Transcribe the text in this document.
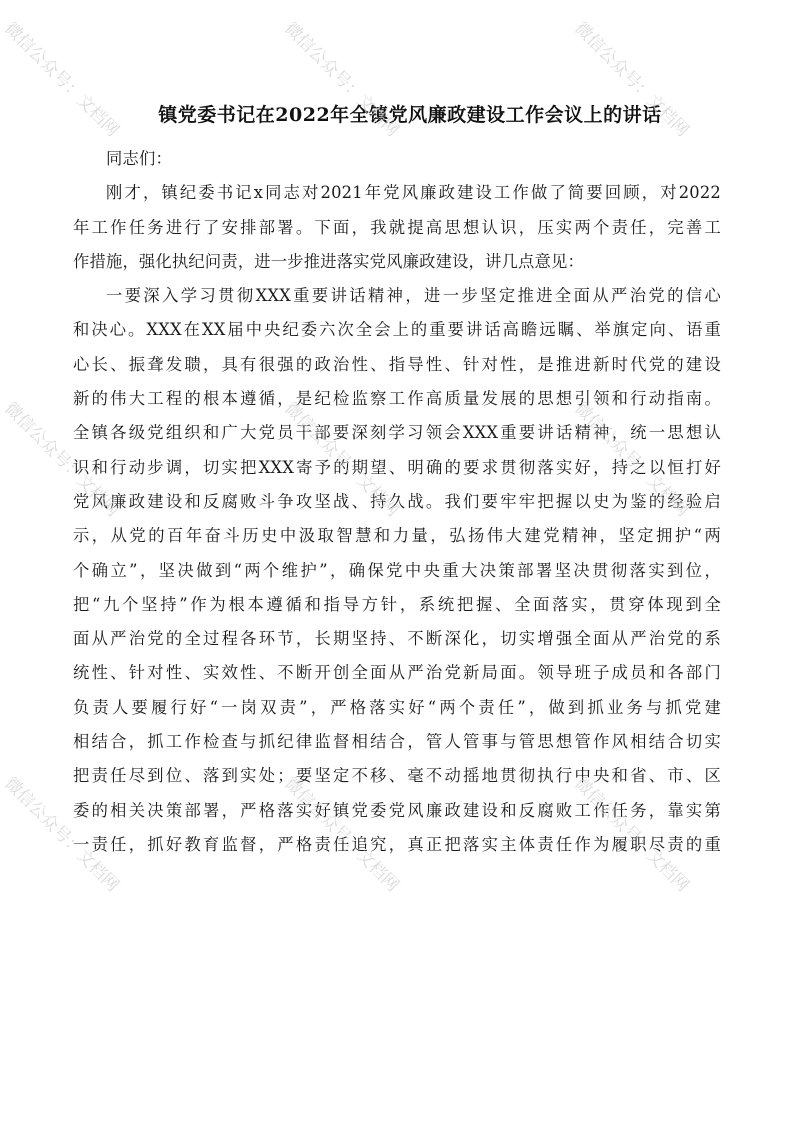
镇党委书记在2022年全镇党风廉政建设工作会议上的讲话
同志们：
刚才，镇纪委书记x同志对2021年党风廉政建设工作做了简要回顾，对2022
年工作任务进行了安排部署。下面，我就提高思想认识，压实两个责任，完善工
作措施，强化执纪问责，进一步推进落实党风廉政建设，讲几点意见：
一要深入学习贯彻XXX重要讲话精神，进一步坚定推进全面从严治党的信心
和决心。XXX在XX届中央纪委六次全会上的重要讲话高瞻远瞩、举旗定向、语重
心长、振聋发聩，具有很强的政治性、指导性、针对性，是推进新时代党的建设
新的伟大工程的根本遵循，是纪检监察工作高质量发展的思想引领和行动指南。
全镇各级党组织和广大党员干部要深刻学习领会XXX重要讲话精神，统一思想认
识和行动步调，切实把XXX寄予的期望、明确的要求贯彻落实好，持之以恒打好
党风廉政建设和反腐败斗争攻坚战、持久战。我们要牢牢把握以史为鉴的经验启
示，从党的百年奋斗历史中汲取智慧和力量，弘扬伟大建党精神，坚定拥护“两
个确立”，坚决做到“两个维护”，确保党中央重大决策部署坚决贯彻落实到位，
把“九个坚持”作为根本遵循和指导方针，系统把握、全面落实，贯穿体现到全
面从严治党的全过程各环节，长期坚持、不断深化，切实增强全面从严治党的系
统性、针对性、实效性、不断开创全面从严治党新局面。领导班子成员和各部门
负责人要履行好“一岗双责”，严格落实好“两个责任”，做到抓业务与抓党建
相结合，抓工作检查与抓纪律监督相结合，管人管事与管思想管作风相结合切实
把责任尽到位、落到实处；要坚定不移、毫不动摇地贯彻执行中央和省、市、区
委的相关决策部署，严格落实好镇党委党风廉政建设和反腐败工作任务，靠实第
一责任，抓好教育监督，严格责任追究，真正把落实主体责任作为履职尽责的重
微信公众号：文档网	微信公众号：文档网	微信公众号：文档网
微信公众号：文档网	微信公众号：文档网	微信公众号：文档网
微信公众号：文档网	微信公众号：文档网	微信公众号：文档网
